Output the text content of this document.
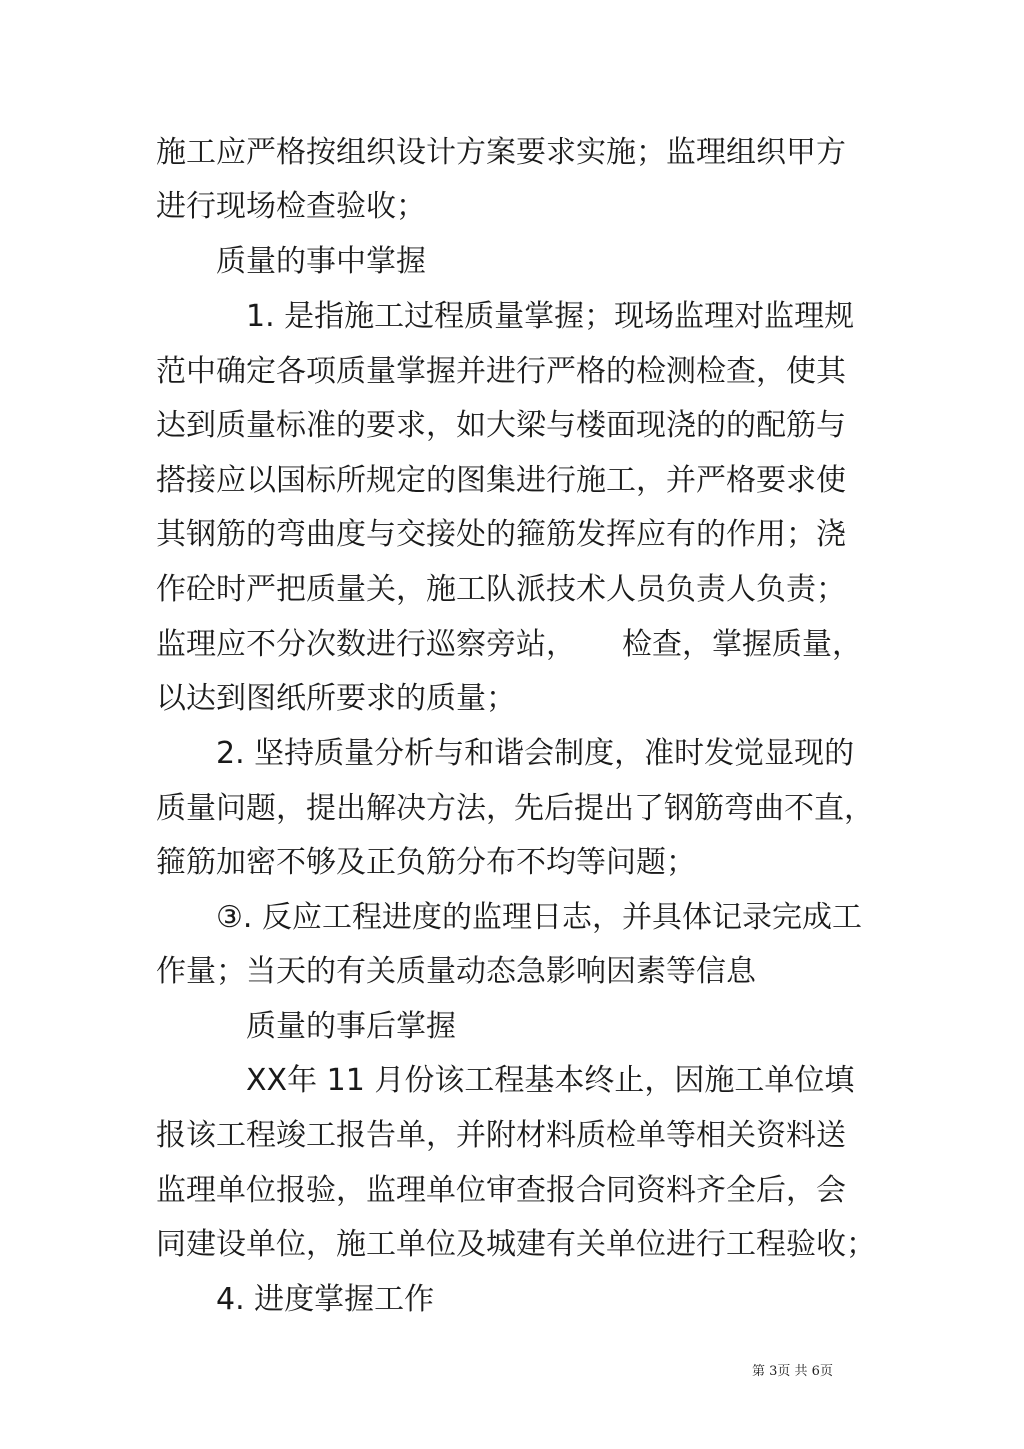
施工应严格按组织设计方案要求实施；监理组织甲方
进行现场检查验收；
质量的事中掌握
1. 是指施工过程质量掌握；现场监理对监理规
范中确定各项质量掌握并进行严格的检测检查，使其
达到质量标准的要求，如大梁与楼面现浇的的配筋与
搭接应以国标所规定的图集进行施工，并严格要求使
其钢筋的弯曲度与交接处的箍筋发挥应有的作用；浇
作砼时严把质量关，施工队派技术人员负责人负责；
监理应不分次数进行巡察旁站， 检查，掌握质量，
以达到图纸所要求的质量；
2. 坚持质量分析与和谐会制度，准时发觉显现的
质量问题， 提出解决方法，
先后提出了钢筋弯曲不直，
箍筋加密不够及正负筋分布不均等问题；
③. 反应工程进度的监理日志， 并具体记录完成工
作量；当天的有关质量动态急影响因素等信息
质量的事后掌握
XX年 11 月份该工程基本终止，因施工单位填
报该工程竣工报告单，并附材料质检单等相关资料送
监理单位报验，监理单位审查报合同资料齐全后，会
同建设单位，施工单位及城建有关单位进行工程验收；
4. 进度掌握工作
第 3页 共 6页
